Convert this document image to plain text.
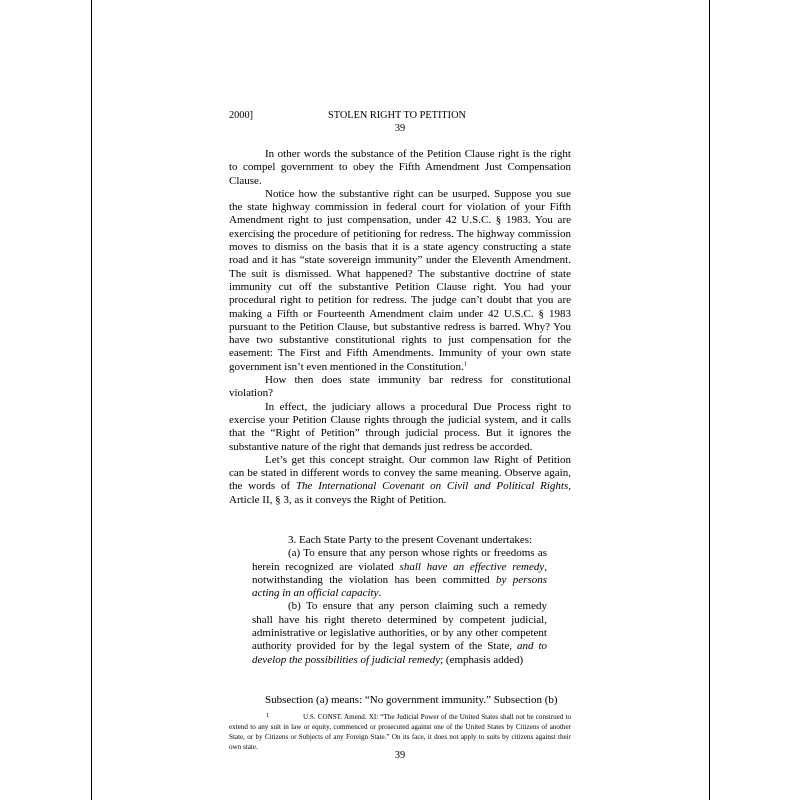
2000]	STOLEN RIGHT TO PETITION
39

In other words the substance of the Petition Clause right is the right to compel government to obey the Fifth Amendment Just Compensation Clause.

Notice how the substantive right can be usurped. Suppose you sue the state highway commission in federal court for violation of your Fifth Amendment right to just compensation, under 42 U.S.C. § 1983. You are exercising the procedure of petitioning for redress. The highway commission moves to dismiss on the basis that it is a state agency constructing a state road and it has “state sovereign immunity” under the Eleventh Amendment. The suit is dismissed. What happened? The substantive doctrine of state immunity cut off the substantive Petition Clause right. You had your procedural right to petition for redress. The judge can’t doubt that you are making a Fifth or Fourteenth Amendment claim under 42 U.S.C. § 1983 pursuant to the Petition Clause, but substantive redress is barred. Why? You have two substantive constitutional rights to just compensation for the easement: The First and Fifth Amendments. Immunity of your own state government isn’t even mentioned in the Constitution.$^1$

How then does state immunity bar redress for constitutional violation?

In effect, the judiciary allows a procedural Due Process right to exercise your Petition Clause rights through the judicial system, and it calls that the “Right of Petition” through judicial process. But it ignores the substantive nature of the right that demands just redress be accorded.

Let’s get this concept straight. Our common law Right of Petition can be stated in different words to convey the same meaning. Observe again, the words of The International Covenant on Civil and Political Rights, Article II, § 3, as it conveys the Right of Petition.

3. Each State Party to the present Covenant undertakes:

(a) To ensure that any person whose rights or freedoms as herein recognized are violated shall have an effective remedy, notwithstanding the violation has been committed by persons acting in an official capacity.

(b) To ensure that any person claiming such a remedy shall have his right thereto determined by competent judicial, administrative or legislative authorities, or by any other competent authority provided for by the legal system of the State, and to develop the possibilities of judicial remedy; (emphasis added)

Subsection (a) means: “No government immunity.” Subsection (b)

1	U.S. CONST. Amend. XI: “The Judicial Power of the United States shall not be construed to extend to any suit in law or equity, commenced or prosecuted against one of the United States by Citizens of another State, or by Citizens or Subjects of any Foreign State.” On its face, it does not apply to suits by citizens against their own state.
39
